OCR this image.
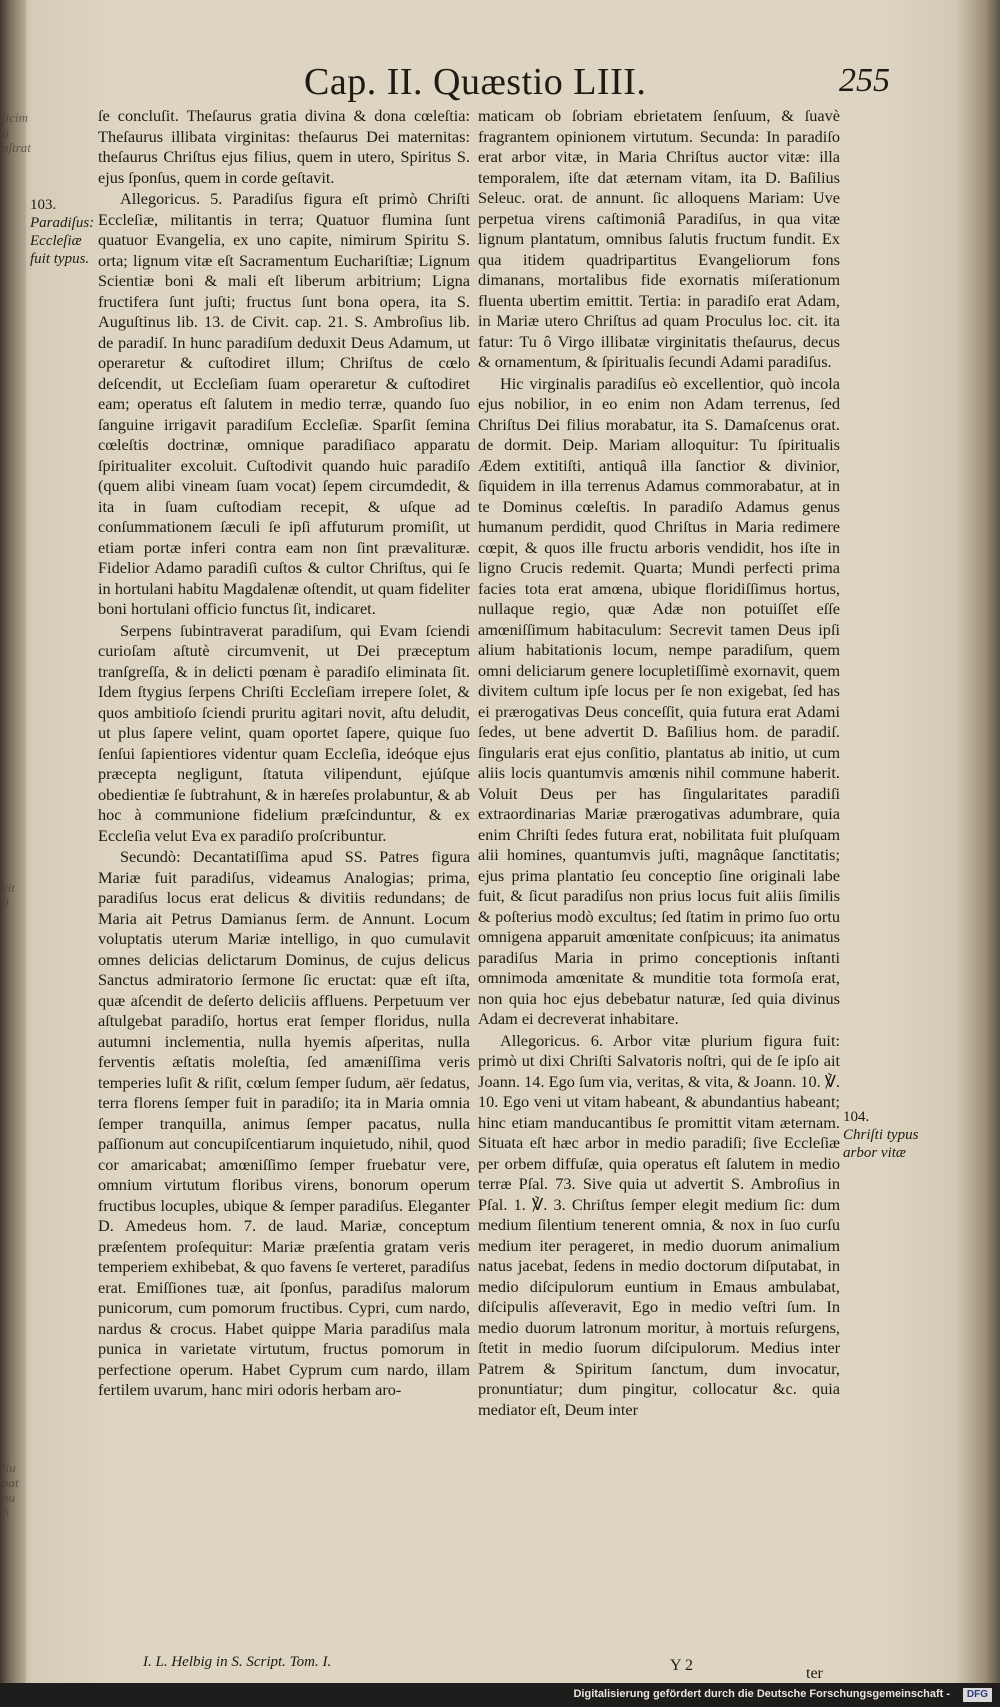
ſicim
ti
nſtrat
vit
9
ſiu
pat
nu
ſi
Cap. II. Quæstio LIII.	255
103.
Paradiſus: Eccleſiæ fuit typus.

ſe concluſit. Theſaurus gratia divina & dona cœleſtia: Theſaurus illibata virginitas: theſaurus Dei maternitas: theſaurus Chriſtus ejus filius, quem in utero, Spiritus S. ejus ſponſus, quem in corde geſtavit.

Allegoricus. 5. Paradiſus figura eſt primò Chriſti Eccleſiæ, militantis in terra; Quatuor flumina ſunt quatuor Evangelia, ex uno capite, nimirum Spiritu S. orta; lignum vitæ eſt Sacramentum Euchariſtiæ; Lignum Scientiæ boni & mali eſt liberum arbitrium; Ligna fructifera ſunt juſti; fructus ſunt bona opera, ita S. Auguſtinus lib. 13. de Civit. cap. 21. S. Ambroſius lib. de paradiſ. In hunc paradiſum deduxit Deus Adamum, ut operaretur & cuſtodiret illum; Chriſtus de cœlo deſcendit, ut Eccleſiam ſuam operaretur & cuſtodiret eam; operatus eſt ſalutem in medio terræ, quando ſuo ſanguine irrigavit paradiſum Eccleſiæ. Sparſit ſemina cœleſtis doctrinæ, omnique paradiſiaco apparatu ſpiritualiter excoluit. Cuſtodivit quando huic paradiſo (quem alibi vineam ſuam vocat) ſepem circumdedit, & ita in ſuam cuſtodiam recepit, & uſque ad conſummationem ſæculi ſe ipſi affuturum promiſit, ut etiam portæ inferi contra eam non ſint prævalituræ. Fidelior Adamo paradiſi cuſtos & cultor Chriſtus, qui ſe in hortulani habitu Magdalenæ oſtendit, ut quam fideliter boni hortulani officio functus ſit, indicaret.

Serpens ſubintraverat paradiſum, qui Evam ſciendi curioſam aſtutè circumvenit, ut Dei præceptum tranſgreſſa, & in delicti pœnam è paradiſo eliminata ſit. Idem ſtygius ſerpens Chriſti Eccleſiam irrepere ſolet, & quos ambitioſo ſciendi pruritu agitari novit, aſtu deludit, ut plus ſapere velint, quam oportet ſapere, quique ſuo ſenſui ſapientiores videntur quam Eccleſia, ideóque ejus præcepta negligunt, ſtatuta vilipendunt, ejúſque obedientiæ ſe ſubtrahunt, & in hæreſes prolabuntur, & ab hoc à communione fidelium præſcinduntur, & ex Eccleſia velut Eva ex paradiſo proſcribuntur.

Secundò: Decantatiſſima apud SS. Patres figura Mariæ fuit paradiſus, videamus Analogias; prima, paradiſus locus erat delicus & divitiis redundans; de Maria ait Petrus Damianus ſerm. de Annunt. Locum voluptatis uterum Mariæ intelligo, in quo cumulavit omnes delicias delictarum Dominus, de cujus delicus Sanctus admiratorio ſermone ſic eructat: quæ eſt iſta, quæ aſcendit de deſerto deliciis affluens. Perpetuum ver aſtulgebat paradiſo, hortus erat ſemper floridus, nulla autumni inclementia, nulla hyemis aſperitas, nulla ferventis æſtatis moleſtia, ſed amæniſſima veris temperies luſit & riſit, cœlum ſemper ſudum, aër ſedatus, terra florens ſemper fuit in paradiſo; ita in Maria omnia ſemper tranquilla, animus ſemper pacatus, nulla paſſionum aut concupiſcentiarum inquietudo, nihil, quod cor amaricabat; amœniſſimo ſemper fruebatur vere, omnium virtutum floribus virens, bonorum operum fructibus locuples, ubique & ſemper paradiſus. Eleganter D. Amedeus hom. 7. de laud. Mariæ, conceptum præſentem proſequitur: Mariæ præſentia gratam veris temperiem exhibebat, & quo favens ſe verteret, paradiſus erat. Emiſſiones tuæ, ait ſponſus, paradiſus malorum punicorum, cum pomorum fructibus. Cypri, cum nardo, nardus & crocus. Habet quippe Maria paradiſus mala punica in varietate virtutum, fructus pomorum in perfectione operum. Habet Cyprum cum nardo, illam fertilem uvarum, hanc miri odoris herbam aro-

maticam ob ſobriam ebrietatem ſenſuum, & ſuavè fragrantem opinionem virtutum. Secunda: In paradiſo erat arbor vitæ, in Maria Chriſtus auctor vitæ: illa temporalem, iſte dat æternam vitam, ita D. Baſilius Seleuc. orat. de annunt. ſic alloquens Mariam: Uve perpetua virens caſtimoniâ Paradiſus, in qua vitæ lignum plantatum, omnibus ſalutis fructum fundit. Ex qua itidem quadripartitus Evangeliorum fons dimanans, mortalibus fide exornatis miſerationum fluenta ubertim emittit. Tertia: in paradiſo erat Adam, in Mariæ utero Chriſtus ad quam Proculus loc. cit. ita fatur: Tu ô Virgo illibatæ virginitatis theſaurus, decus & ornamentum, & ſpiritualis ſecundi Adami paradiſus.

Hic virginalis paradiſus eò excellentior, quò incola ejus nobilior, in eo enim non Adam terrenus, ſed Chriſtus Dei filius morabatur, ita S. Damaſcenus orat. de dormit. Deip. Mariam alloquitur: Tu ſpiritualis Ædem extitiſti, antiquâ illa ſanctior & divinior, ſiquidem in illa terrenus Adamus commorabatur, at in te Dominus cœleſtis. In paradiſo Adamus genus humanum perdidit, quod Chriſtus in Maria redimere cœpit, & quos ille fructu arboris vendidit, hos iſte in ligno Crucis redemit. Quarta; Mundi perfecti prima facies tota erat amœna, ubique floridiſſimus hortus, nullaque regio, quæ Adæ non potuiſſet eſſe amœniſſimum habitaculum: Secrevit tamen Deus ipſi alium habitationis locum, nempe paradiſum, quem omni deliciarum genere locupletiſſimè exornavit, quem divitem cultum ipſe locus per ſe non exigebat, ſed has ei prærogativas Deus conceſſit, quia futura erat Adami ſedes, ut bene advertit D. Baſilius hom. de paradiſ. ſingularis erat ejus conſitio, plantatus ab initio, ut cum aliis locis quantumvis amœnis nihil commune haberit. Voluit Deus per has ſingularitates paradiſi extraordinarias Mariæ prærogativas adumbrare, quia enim Chriſti ſedes futura erat, nobilitata fuit pluſquam alii homines, quantumvis juſti, magnâque ſanctitatis; ejus prima plantatio ſeu conceptio ſine originali labe fuit, & ſicut paradiſus non prius locus fuit aliis ſimilis & poſterius modò excultus; ſed ſtatim in primo ſuo ortu omnigena apparuit amœnitate conſpicuus; ita animatus paradiſus Maria in primo conceptionis inſtanti omnimoda amœnitate & munditie tota formoſa erat, non quia hoc ejus debebatur naturæ, ſed quia divinus Adam ei decreverat inhabitare.

Allegoricus. 6. Arbor vitæ plurium figura fuit: primò ut dixi Chriſti Salvatoris noſtri, qui de ſe ipſo ait Joann. 14. Ego ſum via, veritas, & vita, & Joann. 10. ℣. 10. Ego veni ut vitam habeant, & abundantius habeant; hinc etiam manducantibus ſe promittit vitam æternam. Situata eſt hæc arbor in medio paradiſi; ſive Eccleſiæ per orbem diffuſæ, quia operatus eſt ſalutem in medio terræ Pſal. 73. Sive quia ut advertit S. Ambroſius in Pſal. 1. ℣. 3. Chriſtus ſemper elegit medium ſic: dum medium ſilentium tenerent omnia, & nox in ſuo curſu medium iter perageret, in medio duorum animalium natus jacebat, ſedens in medio doctorum diſputabat, in medio diſcipulorum euntium in Emaus ambulabat, diſcipulis aſſeveravit, Ego in medio veſtri ſum. In medio duorum latronum moritur, à mortuis reſurgens, ſtetit in medio ſuorum diſcipulorum. Medius inter Patrem & Spiritum ſanctum, dum invocatur, pronuntiatur; dum pingitur, collocatur &c. quia mediator eſt, Deum inter

104.
Chriſti typus arbor vitæ
I. L. Helbig in S. Script. Tom. I.	Y 2	ter
Digitalisierung gefördert durch die Deutsche Forschungsgemeinschaft -	DFG
